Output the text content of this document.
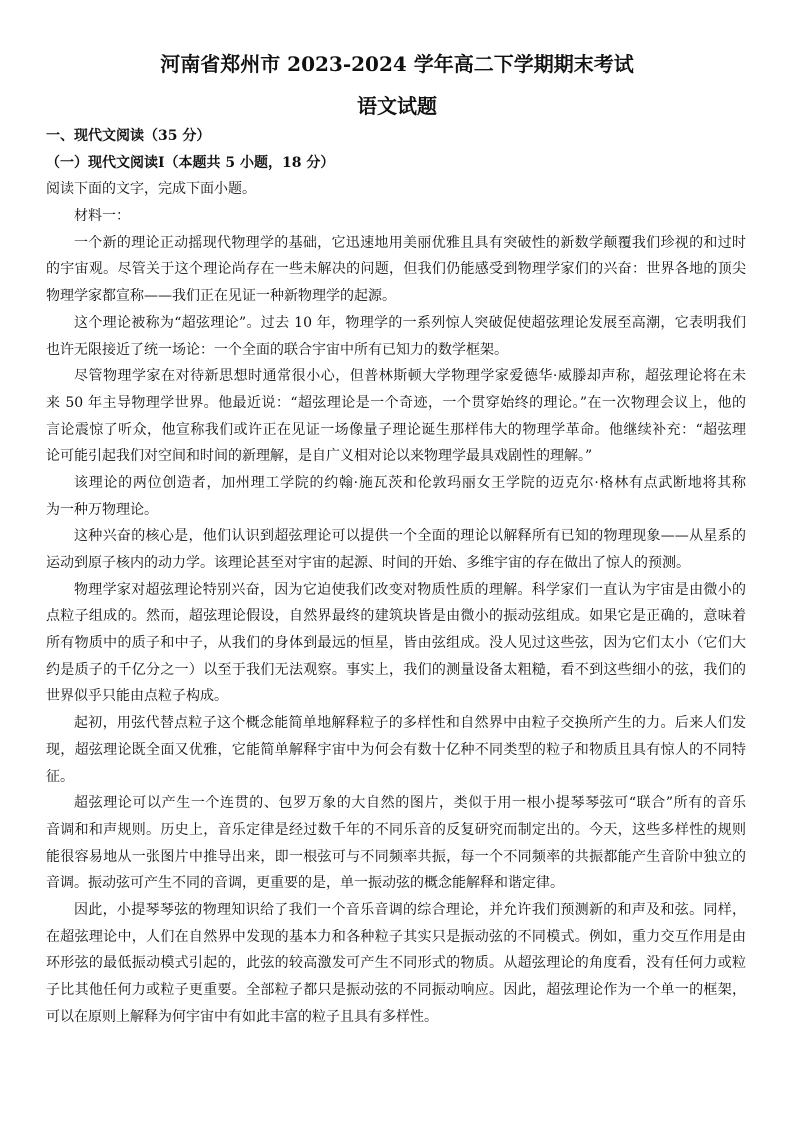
河南省郑州市 2023-2024 学年高二下学期期末考试
语文试题

一、现代文阅读（35 分）

（一）现代文阅读Ⅰ（本题共 5 小题，18 分）

阅读下面的文字，完成下面小题。

材料一：

一个新的理论正动摇现代物理学的基础，它迅速地用美丽优雅且具有突破性的新数学颠覆我们珍视的和过时

的宇宙观。尽管关于这个理论尚存在一些未解决的问题，但我们仍能感受到物理学家们的兴奋：世界各地的顶尖

物理学家都宣称——我们正在见证一种新物理学的起源。

这个理论被称为“超弦理论”。过去 10 年，物理学的一系列惊人突破促使超弦理论发展至高潮，它表明我们

也许无限接近了统一场论：一个全面的联合宇宙中所有已知力的数学框架。

尽管物理学家在对待新思想时通常很小心，但普林斯顿大学物理学家爱德华·威滕却声称，超弦理论将在未

来 50 年主导物理学世界。他最近说：“超弦理论是一个奇迹，一个贯穿始终的理论。”在一次物理会议上，他的

言论震惊了听众，他宣称我们或许正在见证一场像量子理论诞生那样伟大的物理学革命。他继续补充：“超弦理

论可能引起我们对空间和时间的新理解，是自广义相对论以来物理学最具戏剧性的理解。”

该理论的两位创造者，加州理工学院的约翰·施瓦茨和伦敦玛丽女王学院的迈克尔·格林有点武断地将其称

为一种万物理论。

这种兴奋的核心是，他们认识到超弦理论可以提供一个全面的理论以解释所有已知的物理现象——从星系的

运动到原子核内的动力学。该理论甚至对宇宙的起源、时间的开始、多维宇宙的存在做出了惊人的预测。

物理学家对超弦理论特别兴奋，因为它迫使我们改变对物质性质的理解。科学家们一直认为宇宙是由微小的

点粒子组成的。然而，超弦理论假设，自然界最终的建筑块皆是由微小的振动弦组成。如果它是正确的，意味着

所有物质中的质子和中子，从我们的身体到最远的恒星，皆由弦组成。没人见过这些弦，因为它们太小（它们大

约是质子的千亿分之一）以至于我们无法观察。事实上，我们的测量设备太粗糙，看不到这些细小的弦，我们的

世界似乎只能由点粒子构成。

起初，用弦代替点粒子这个概念能简单地解释粒子的多样性和自然界中由粒子交换所产生的力。后来人们发

现，超弦理论既全面又优雅，它能简单解释宇宙中为何会有数十亿种不同类型的粒子和物质且具有惊人的不同特

征。

超弦理论可以产生一个连贯的、包罗万象的大自然的图片，类似于用一根小提琴琴弦可“联合”所有的音乐

音调和和声规则。历史上，音乐定律是经过数千年的不同乐音的反复研究而制定出的。今天，这些多样性的规则

能很容易地从一张图片中推导出来，即一根弦可与不同频率共振，每一个不同频率的共振都能产生音阶中独立的

音调。振动弦可产生不同的音调，更重要的是，单一振动弦的概念能解释和谐定律。

因此，小提琴琴弦的物理知识给了我们一个音乐音调的综合理论，并允许我们预测新的和声及和弦。同样，

在超弦理论中，人们在自然界中发现的基本力和各种粒子其实只是振动弦的不同模式。例如，重力交互作用是由

环形弦的最低振动模式引起的，此弦的较高激发可产生不同形式的物质。从超弦理论的角度看，没有任何力或粒

子比其他任何力或粒子更重要。全部粒子都只是振动弦的不同振动响应。因此，超弦理论作为一个单一的框架，

可以在原则上解释为何宇宙中有如此丰富的粒子且具有多样性。
